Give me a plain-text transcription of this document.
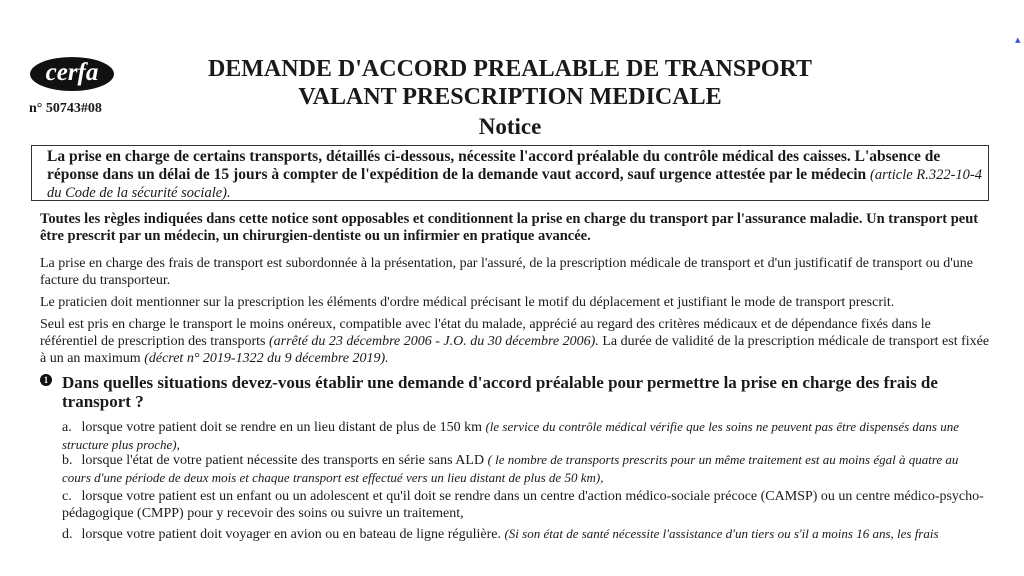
cerfa
n° 50743#08
DEMANDE D'ACCORD PREALABLE DE TRANSPORT
VALANT PRESCRIPTION MEDICALE
Notice
La prise en charge de certains transports, détaillés ci-dessous, nécessite l'accord préalable du contrôle médical des caisses. L'absence de réponse dans un délai de 15 jours à compter de l'expédition de la demande vaut accord, sauf urgence attestée par le médecin (article R.322-10-4 du Code de la sécurité sociale).
Toutes les règles indiquées dans cette notice sont opposables et conditionnent la prise en charge du transport par l'assurance maladie. Un transport peut être prescrit par un médecin, un chirurgien-dentiste ou un infirmier en pratique avancée.
La prise en charge des frais de transport est subordonnée à la présentation, par l'assuré, de la prescription médicale de transport et d'un justificatif de transport ou d'une facture du transporteur.
Le praticien doit mentionner sur la prescription les éléments d'ordre médical précisant le motif du déplacement et justifiant le mode de transport prescrit.
Seul est pris en charge le transport le moins onéreux, compatible avec l'état du malade, apprécié au regard des critères médicaux et de dépendance fixés dans le référentiel de prescription des transports (arrêté du 23 décembre 2006 - J.O. du 30 décembre 2006). La durée de validité de la prescription médicale de transport est fixée à un an maximum (décret n° 2019-1322 du 9 décembre 2019).
1 Dans quelles situations devez-vous établir une demande d'accord préalable pour permettre la prise en charge des frais de transport ?
a. lorsque votre patient doit se rendre en un lieu distant de plus de 150 km (le service du contrôle médical vérifie que les soins ne peuvent pas être dispensés dans une structure plus proche),
b. lorsque l'état de votre patient nécessite des transports en série sans ALD ( le nombre de transports prescrits pour un même traitement est au moins égal à quatre au cours d'une période de deux mois et chaque transport est effectué vers un lieu distant de plus de 50 km),
c. lorsque votre patient est un enfant ou un adolescent et qu'il doit se rendre dans un centre d'action médico-sociale précoce (CAMSP) ou un centre médico-psycho-pédagogique (CMPP) pour y recevoir des soins ou suivre un traitement,
d. lorsque votre patient doit voyager en avion ou en bateau de ligne régulière. (Si son état de santé nécessite l'assistance d'un tiers ou s'il a moins 16 ans, les frais
▴
